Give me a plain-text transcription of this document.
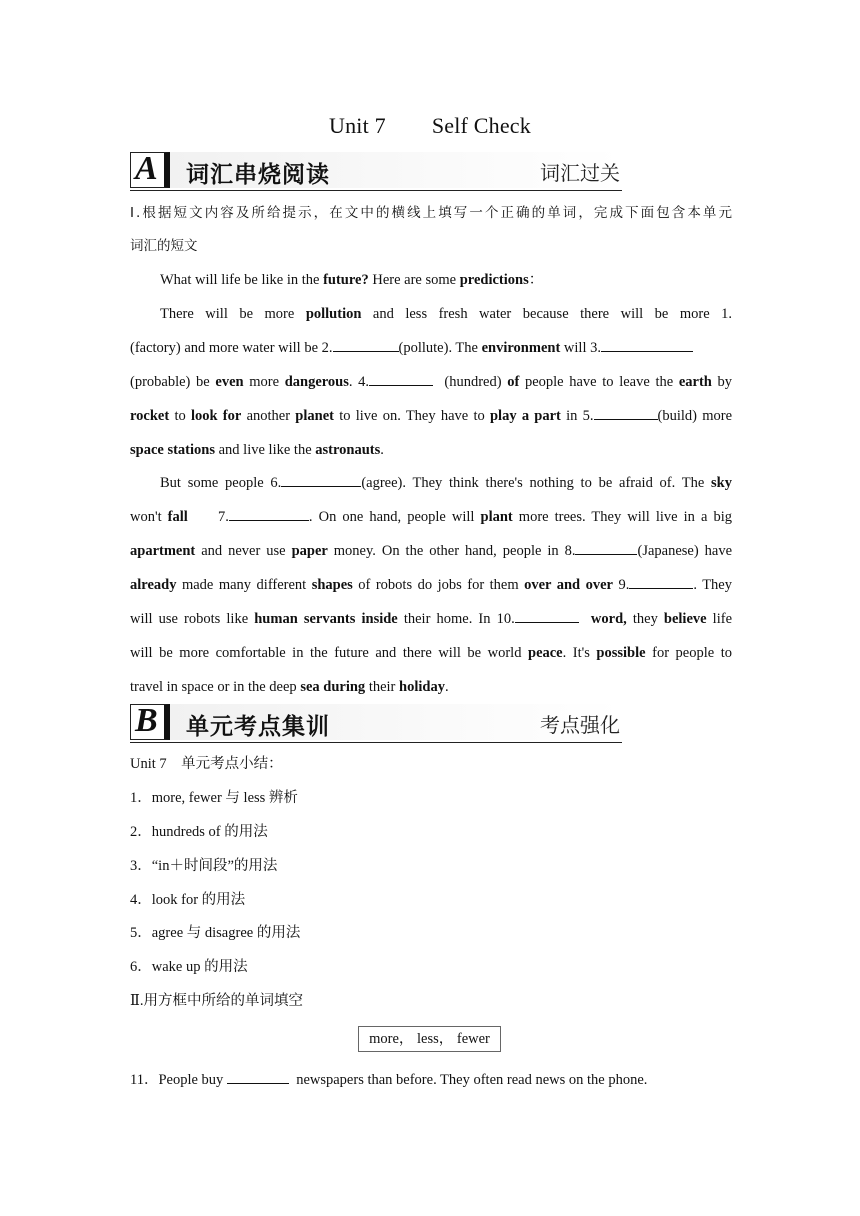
Unit 7 Self Check
A 词汇串烧阅读	词汇过关
Ⅰ.根据短文内容及所给提示，在文中的横线上填写一个正确的单词，完成下面包含本单元
词汇的短文
What will life be like in the future? Here are some predictions：
There will be more pollution and less fresh water because there will be more 1.
(factory) and more water will be 2.	(pollute). The environment will 3.
(probable) be even more dangerous. 4.	(hundred) of people have to leave the earth by
rocket to look for another planet to live on. They have to play a part in 5.	(build) more
space stations and live like the astronauts.
But some people 6.	(agree). They think there's nothing to be afraid of. The sky
won't fall 7.	. On one hand, people will plant more trees. They will live in a big
apartment and never use paper money. On the other hand, people in 8.	(Japanese) have
already made many different shapes of robots do jobs for them over and over 9.	. They
will use robots like human servants inside their home. In 10.	word, they believe life
will be more comfortable in the future and there will be world peace. It's possible for people to
travel in space or in the deep sea during their holiday.
B 单元考点集训	考点强化
Unit 7　单元考点小结：
1．more, fewer 与 less 辨析
2．hundreds of 的用法
3．“in＋时间段”的用法
4．look for 的用法
5．agree 与 disagree 的用法
6．wake up 的用法
Ⅱ.用方框中所给的单词填空
more， less， fewer
11．People buy	newspapers than before. They often read news on the phone.
